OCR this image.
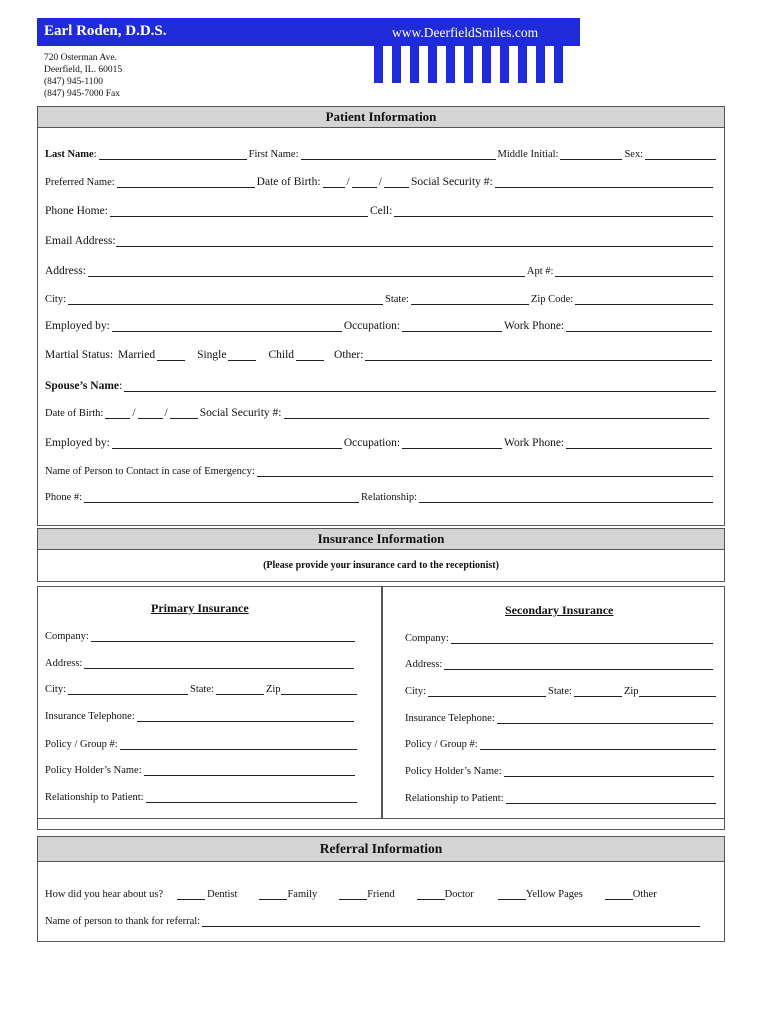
Earl Roden, D.D.S.	www.DeerfieldSmiles.com
720 Osterman Ave.
Deerfield, IL. 60015
(847) 945-1100
(847) 945-7000 Fax
Patient Information
Last Name :	First Name:	Middle Initial:	Sex:
Preferred Name:	Date of Birth: /	/	Social Security #:
Phone Home:	Cell:
Email Address:
Address:	Apt #:
City:	State:	Zip Code:
Employed by:	Occupation:	Work Phone:
Martial Status: Married	Single	Child	Other:
Spouse’s Name :
Date of Birth:	/	/	Social Security #:
Employed by:	Occupation:	Work Phone:
Name of Person to Contact in case of Emergency:
Phone #:	Relationship:
Insurance Information
(Please provide your insurance card to the receptionist)
Primary Insurance
Company:
Address:
City:	State:	Zip
Insurance Telephone:
Policy / Group #:
Policy Holder’s Name:
Relationship to Patient:
Secondary Insurance
Company:
Address:
City:	State:	Zip
Insurance Telephone:
Policy / Group #:
Policy Holder’s Name:
Relationship to Patient:
Referral Information
How did you hear about us?	Dentist	Family	Friend	Doctor	Yellow Pages	Other
Name of person to thank for referral:
